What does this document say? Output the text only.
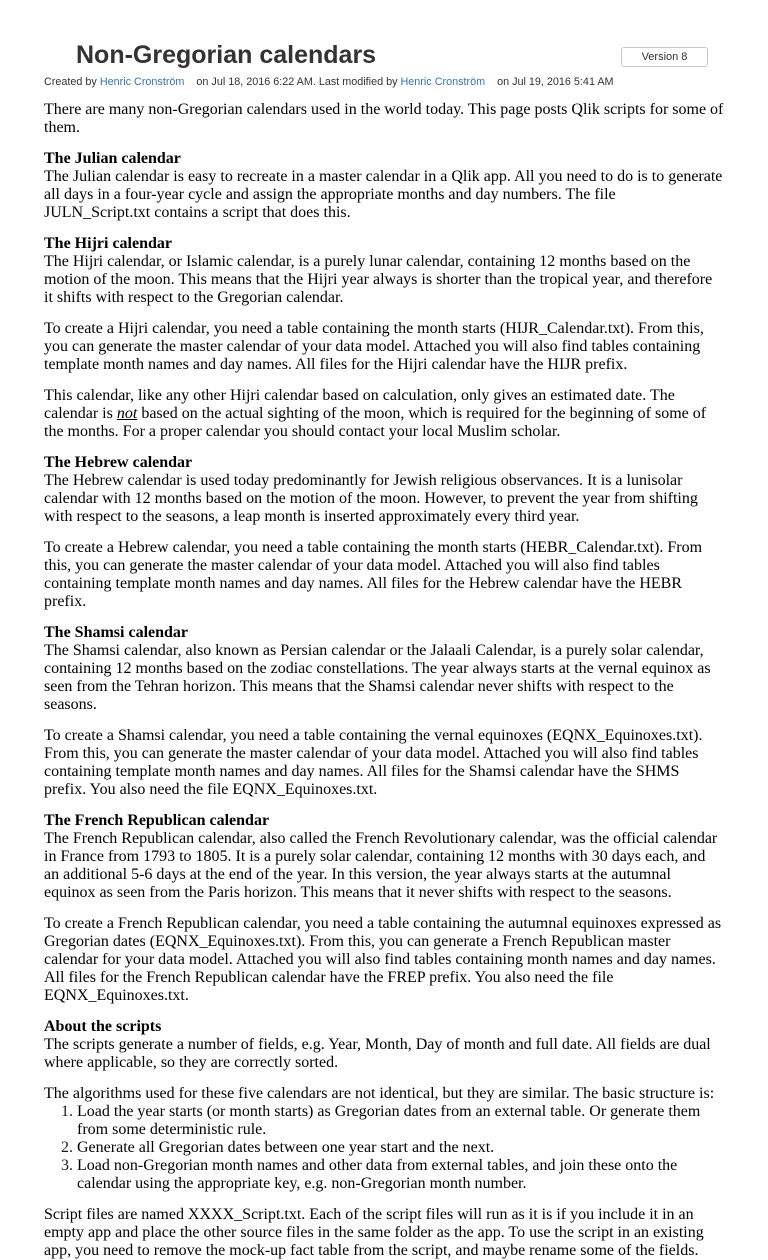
Non-Gregorian calendars	Version 8
Created by Henric Cronström on Jul 18, 2016 6:22 AM. Last modified by Henric Cronström on Jul 19, 2016 5:41 AM

There are many non-Gregorian calendars used in the world today. This page posts Qlik scripts for some of them.

The Julian calendar

The Julian calendar is easy to recreate in a master calendar in a Qlik app. All you need to do is to generate all days in a four-year cycle and assign the appropriate months and day numbers. The file JULN_Script.txt contains a script that does this.

The Hijri calendar

The Hijri calendar, or Islamic calendar, is a purely lunar calendar, containing 12 months based on the motion of the moon. This means that the Hijri year always is shorter than the tropical year, and therefore it shifts with respect to the Gregorian calendar.

To create a Hijri calendar, you need a table containing the month starts (HIJR_Calendar.txt). From this, you can generate the master calendar of your data model. Attached you will also find tables containing template month names and day names. All files for the Hijri calendar have the HIJR prefix.

This calendar, like any other Hijri calendar based on calculation, only gives an estimated date. The calendar is not based on the actual sighting of the moon, which is required for the beginning of some of the months. For a proper calendar you should contact your local Muslim scholar.

The Hebrew calendar

The Hebrew calendar is used today predominantly for Jewish religious observances. It is a lunisolar calendar with 12 months based on the motion of the moon. However, to prevent the year from shifting with respect to the seasons, a leap month is inserted approximately every third year.

To create a Hebrew calendar, you need a table containing the month starts (HEBR_Calendar.txt). From this, you can generate the master calendar of your data model. Attached you will also find tables containing template month names and day names. All files for the Hebrew calendar have the HEBR prefix.

The Shamsi calendar

The Shamsi calendar, also known as Persian calendar or the Jalaali Calendar, is a purely solar calendar, containing 12 months based on the zodiac constellations. The year always starts at the vernal equinox as seen from the Tehran horizon. This means that the Shamsi calendar never shifts with respect to the seasons.

To create a Shamsi calendar, you need a table containing the vernal equinoxes (EQNX_Equinoxes.txt). From this, you can generate the master calendar of your data model. Attached you will also find tables containing template month names and day names. All files for the Shamsi calendar have the SHMS prefix. You also need the file EQNX_Equinoxes.txt.

The French Republican calendar

The French Republican calendar, also called the French Revolutionary calendar, was the official calendar in France from 1793 to 1805. It is a purely solar calendar, containing 12 months with 30 days each, and an additional 5-6 days at the end of the year. In this version, the year always starts at the autumnal equinox as seen from the Paris horizon. This means that it never shifts with respect to the seasons.

To create a French Republican calendar, you need a table containing the autumnal equinoxes expressed as Gregorian dates (EQNX_Equinoxes.txt). From this, you can generate a French Republican master calendar for your data model. Attached you will also find tables containing month names and day names. All files for the French Republican calendar have the FREP prefix. You also need the file EQNX_Equinoxes.txt.

About the scripts

The scripts generate a number of fields, e.g. Year, Month, Day of month and full date. All fields are dual where applicable, so they are correctly sorted.

The algorithms used for these five calendars are not identical, but they are similar. The basic structure is:

1. Load the year starts (or month starts) as Gregorian dates from an external table. Or generate them from some deterministic rule.
2. Generate all Gregorian dates between one year start and the next.
3. Load non-Gregorian month names and other data from external tables, and join these onto the calendar using the appropriate key, e.g. non-Gregorian month number.

Script files are named XXXX_Script.txt. Each of the script files will run as it is if you include it in an empty app and place the other source files in the same folder as the app. To use the script in an existing app, you need to remove the mock-up fact table from the script, and maybe rename some of the fields.
